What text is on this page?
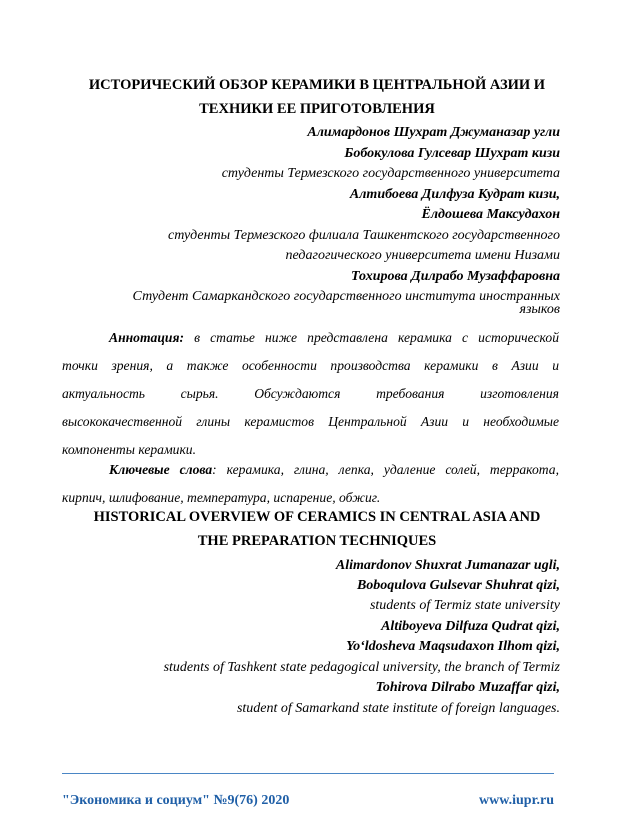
ИСТОРИЧЕСКИЙ ОБЗОР КЕРАМИКИ В ЦЕНТРАЛЬНОЙ АЗИИ И
ТЕХНИКИ ЕЕ ПРИГОТОВЛЕНИЯ
Алимардонов Шухрат Джуманазар угли
Бобокулова Гулсевар Шухрат кизи
студенты Термезского государственного университета
Алтибоева Дилфуза Кудрат кизи,
Ёлдошева Максудахон
студенты Термезского филиала Ташкентского государственного
педагогического университета имени Низами
Тохирова Дилрабо Музаффаровна
Студент Самаркандского государственного института иностранных
языков
Аннотация: в статье ниже представлена керамика с исторической
точки зрения, а также особенности производства керамики в Азии и
актуальность сырья. Обсуждаются требования изготовления
высококачественной глины керамистов Центральной Азии и необходимые
компоненты керамики.
Ключевые слова: керамика, глина, лепка, удаление солей, терракота,
кирпич, шлифование, температура, испарение, обжиг.
HISTORICAL OVERVIEW OF CERAMICS IN CENTRAL ASIA AND
THE PREPARATION TECHNIQUES
Alimardonov Shuxrat Jumanazar ugli,
Boboqulova Gulsevar Shuhrat qizi,
students of Termiz state university
Altiboyeva Dilfuza Qudrat qizi,
Yo‘ldosheva Maqsudaxon Ilhom qizi,
students of Tashkent state pedagogical university, the branch of Termiz
Tohirova Dilrabo Muzaffar qizi,
student of Samarkand state institute of foreign languages.
"Экономика и социум" №9(76) 2020	www.iupr.ru
